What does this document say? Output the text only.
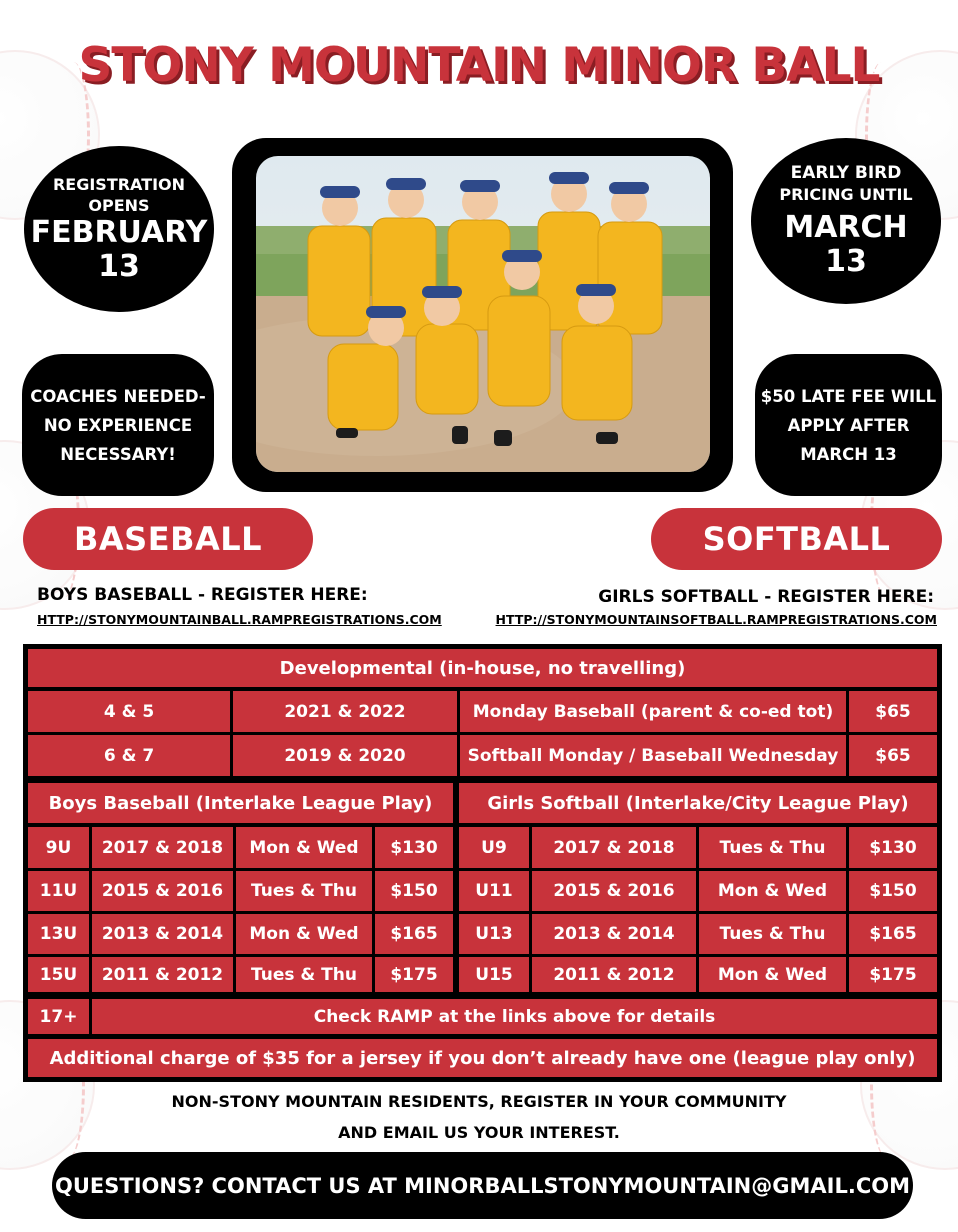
STONY MOUNTAIN MINOR BALL
REGISTRATION
OPENS
FEBRUARY
13
EARLY BIRD
PRICING UNTIL
MARCH
13
COACHES NEEDED-
NO EXPERIENCE
NECESSARY!
$50 LATE FEE WILL
APPLY AFTER
MARCH 13
BASEBALL	SOFTBALL
BOYS BASEBALL - REGISTER HERE:
HTTP://STONYMOUNTAINBALL.RAMPREGISTRATIONS.COM
GIRLS SOFTBALL - REGISTER HERE:
HTTP://STONYMOUNTAINSOFTBALL.RAMPREGISTRATIONS.COM
Developmental (in-house, no travelling)
4 & 5	2021 & 2022	Monday Baseball (parent & co-ed tot)	$65
6 & 7	2019 & 2020	Softball Monday / Baseball Wednesday	$65
Boys Baseball (Interlake League Play)	Girls Softball (Interlake/City League Play)
9U	2017 & 2018	Mon & Wed	$130
11U	2015 & 2016	Tues & Thu	$150
13U	2013 & 2014	Mon & Wed	$165
15U	2011 & 2012	Tues & Thu	$175
U9	2017 & 2018	Tues & Thu	$130
U11	2015 & 2016	Mon & Wed	$150
U13	2013 & 2014	Tues & Thu	$165
U15	2011 & 2012	Mon & Wed	$175
17+	Check RAMP at the links above for details
Additional charge of $35 for a jersey if you don’t already have one (league play only)
NON-STONY MOUNTAIN RESIDENTS, REGISTER IN YOUR COMMUNITY
AND EMAIL US YOUR INTEREST.
QUESTIONS? CONTACT US AT MINORBALLSTONYMOUNTAIN@GMAIL.COM
